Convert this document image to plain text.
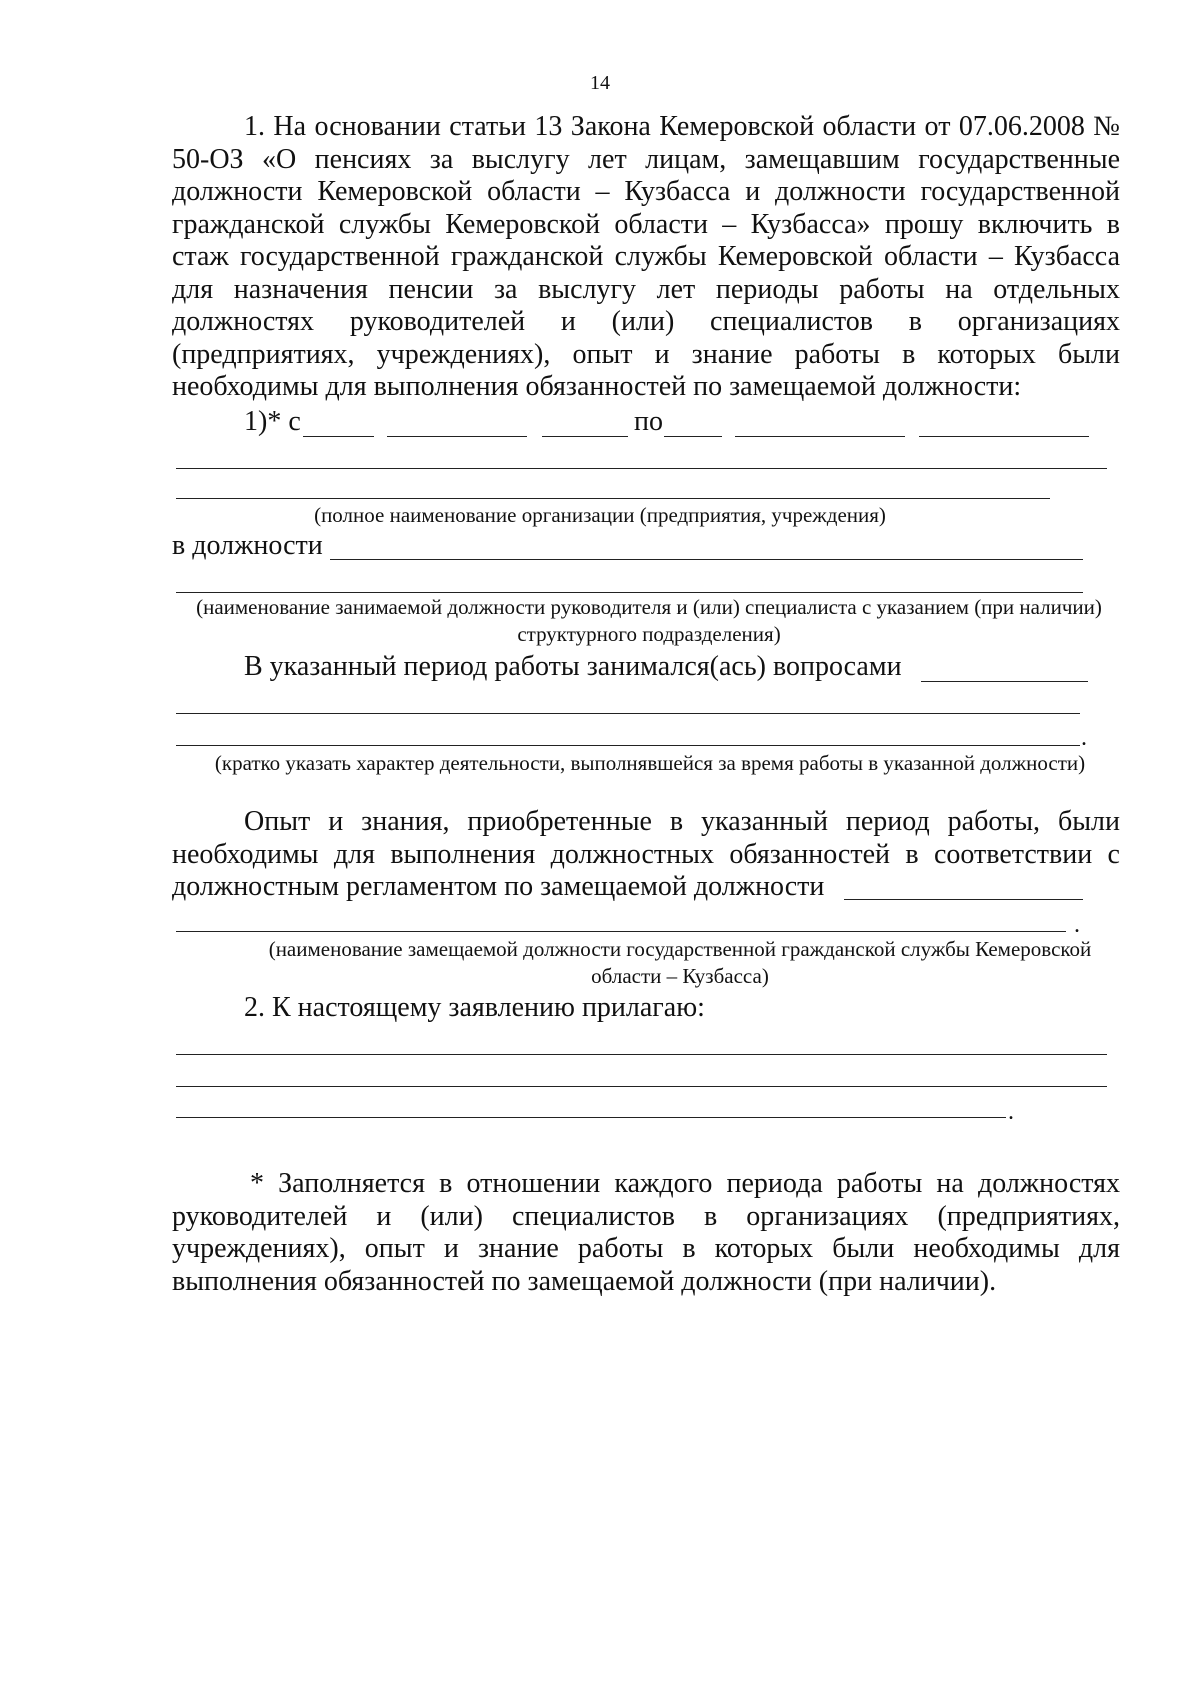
14

1. На основании статьи 13 Закона Кемеровской области от 07.06.2008 № 50-ОЗ «О пенсиях за выслугу лет лицам, замещавшим государственные должности Кемеровской области – Кузбасса и должности государственной гражданской службы Кемеровской области – Кузбасса» прошу включить в стаж государственной гражданской службы Кемеровской области – Кузбасса для назначения пенсии за выслугу лет периоды работы на отдельных должностях руководителей и (или) специалистов в организациях (предприятиях, учреждениях), опыт и знание работы в которых были необходимы для выполнения обязанностей по замещаемой должности:

1)* с	по
(полное наименование организации (предприятия, учреждения)
в должности
(наименование занимаемой должности руководителя и (или) специалиста с указанием (при наличии) структурного подразделения)
В указанный период работы занимался(ась) вопросами
.
(кратко указать характер деятельности, выполнявшейся за время работы в указанной должности)

Опыт и знания, приобретенные в указанный период работы, были необходимы для выполнения должностных обязанностей в соответствии с должностным регламентом по замещаемой должности

.
(наименование замещаемой должности государственной гражданской службы Кемеровской области – Кузбасса)
2. К настоящему заявлению прилагаю:
.

* Заполняется в отношении каждого периода работы на должностях руководителей и (или) специалистов в организациях (предприятиях, учреждениях), опыт и знание работы в которых были необходимы для выполнения обязанностей по замещаемой должности (при наличии).
